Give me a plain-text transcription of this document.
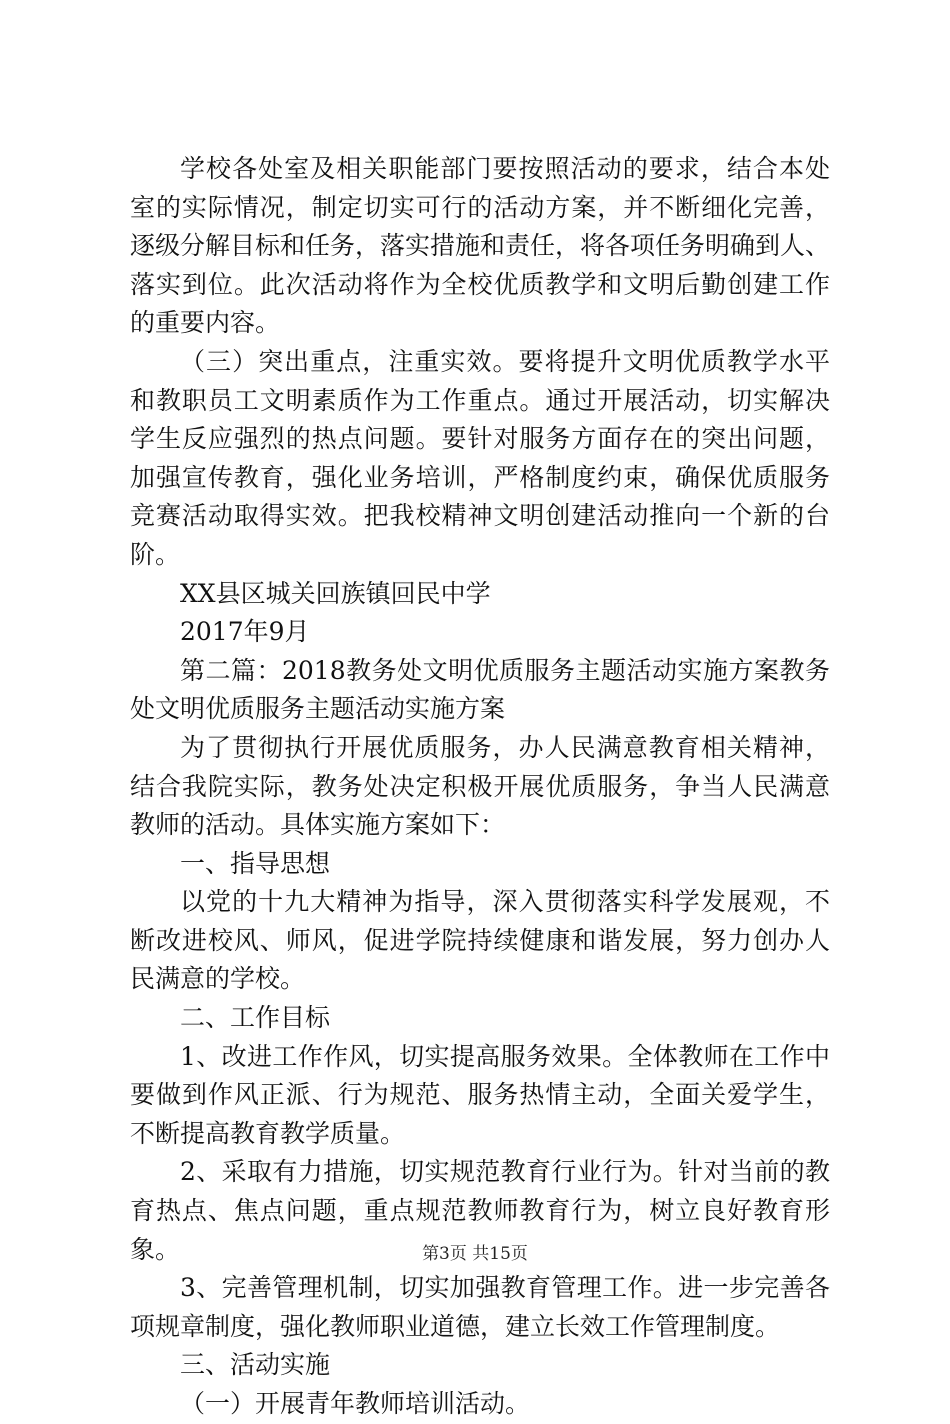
学校各处室及相关职能部门要按照活动的要求，结合本处
室的实际情况，制定切实可行的活动方案，并不断细化完善，
逐级分解目标和任务，落实措施和责任，将各项任务明确到人、
落实到位。此次活动将作为全校优质教学和文明后勤创建工作
的重要内容。
（三）突出重点，注重实效。要将提升文明优质教学水平
和教职员工文明素质作为工作重点。通过开展活动，切实解决
学生反应强烈的热点问题。要针对服务方面存在的突出问题，
加强宣传教育，强化业务培训，严格制度约束，确保优质服务
竞赛活动取得实效。把我校精神文明创建活动推向一个新的台
阶。
XX县区城关回族镇回民中学
2017年9月
第二篇：2018教务处文明优质服务主题活动实施方案教务
处文明优质服务主题活动实施方案
为了贯彻执行开展优质服务，办人民满意教育相关精神，
结合我院实际，教务处决定积极开展优质服务，争当人民满意
教师的活动。具体实施方案如下：
一、指导思想
以党的十九大精神为指导，深入贯彻落实科学发展观，不
断改进校风、师风，促进学院持续健康和谐发展，努力创办人
民满意的学校。
二、工作目标
1、改进工作作风，切实提高服务效果。全体教师在工作中
要做到作风正派、行为规范、服务热情主动，全面关爱学生，
不断提高教育教学质量。
2、采取有力措施，切实规范教育行业行为。针对当前的教
育热点、焦点问题，重点规范教师教育行为，树立良好教育形
象。
3、完善管理机制，切实加强教育管理工作。进一步完善各
项规章制度，强化教师职业道德，建立长效工作管理制度。
三、活动实施
（一）开展青年教师培训活动。
第3页 共15页
